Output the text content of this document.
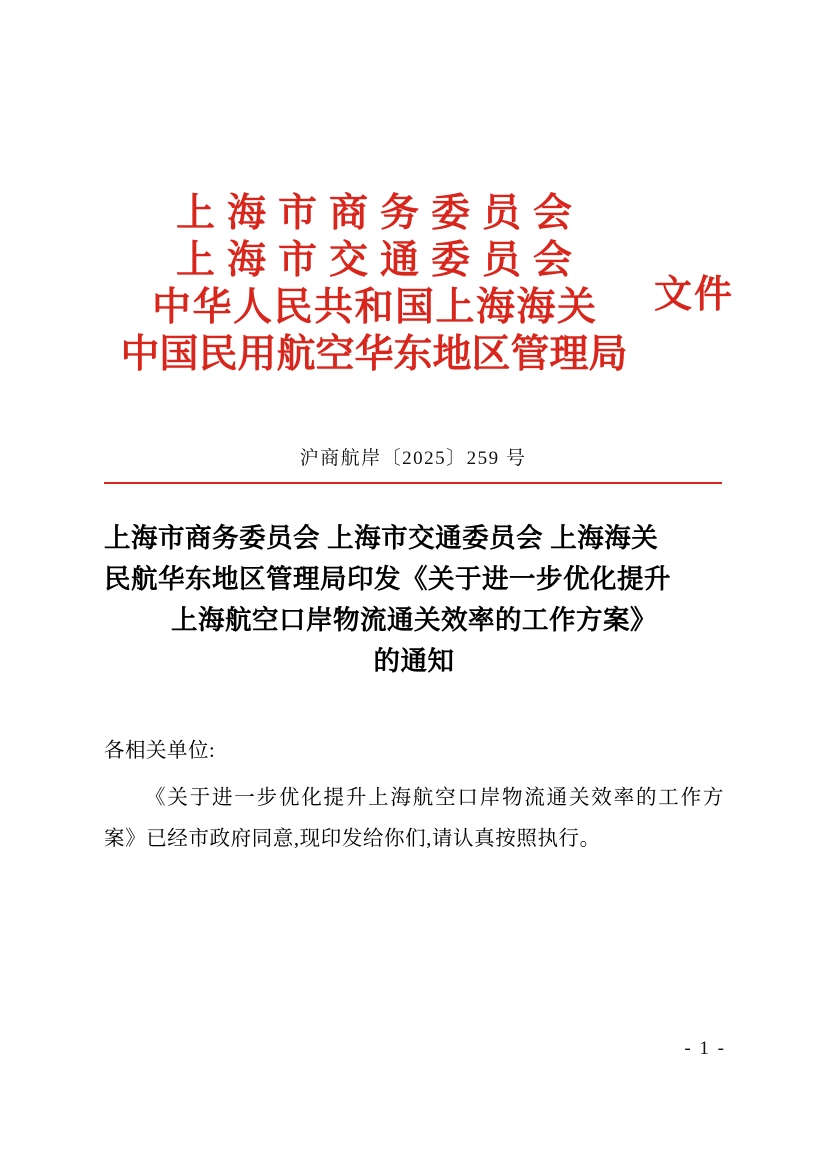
上海市商务委员会
上海市交通委员会
中华人民共和国上海海关
中国民用航空华东地区管理局
文件
沪商航岸〔2025〕259 号
上海市商务委员会 上海市交通委员会 上海海关
民航华东地区管理局印发《关于进一步优化提升
上海航空口岸物流通关效率的工作方案》
的通知
各相关单位:
《关于进一步优化提升上海航空口岸物流通关效率的工作方案》已经市政府同意,现印发给你们,请认真按照执行。
- 1 -
